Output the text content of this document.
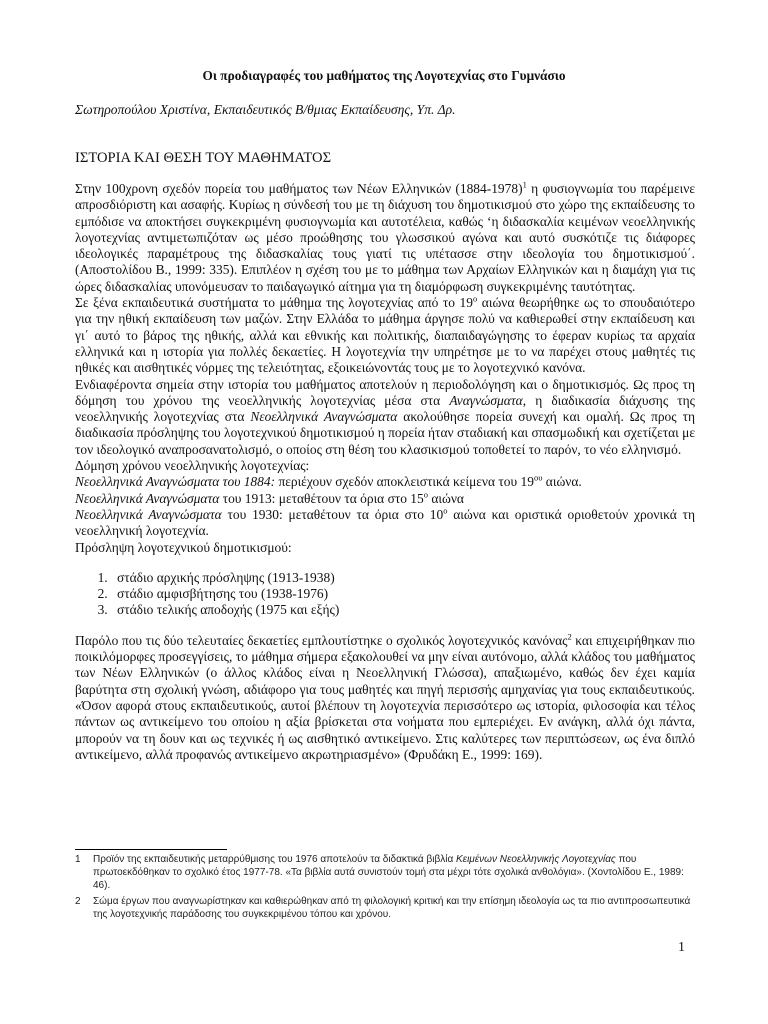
Οι προδιαγραφές του μαθήματος της Λογοτεχνίας στο Γυμνάσιο
Σωτηροπούλου Χριστίνα, Εκπαιδευτικός Β/θμιας Εκπαίδευσης, Υπ. Δρ.
ΙΣΤΟΡΙΑ ΚΑΙ ΘΕΣΗ ΤΟΥ ΜΑΘΗΜΑΤΟΣ

Στην 100χρονη σχεδόν πορεία του μαθήματος των Νέων Ελληνικών (1884-1978)$^1$ η φυσιογνωμία του παρέμεινε απροσδιόριστη και ασαφής. Κυρίως η σύνδεσή του με τη διάχυση του δημοτικισμού στο χώρο της εκπαίδευσης το εμπόδισε να αποκτήσει συγκεκριμένη φυσιογνωμία και αυτοτέλεια, καθώς ‘η διδασκαλία κειμένων νεοελληνικής λογοτεχνίας αντιμετωπιζόταν ως μέσο προώθησης του γλωσσικού αγώνα και αυτό συσκότιζε τις διάφορες ιδεολογικές παραμέτρους της διδασκαλίας τους γιατί τις υπέτασσε στην ιδεολογία του δημοτικισμού΄. (Αποστολίδου Β., 1999: 335). Επιπλέον η σχέση του με το μάθημα των Αρχαίων Ελληνικών και η διαμάχη για τις ώρες διδασκαλίας υπονόμευσαν το παιδαγωγικό αίτημα για τη διαμόρφωση συγκεκριμένης ταυτότητας.

Σε ξένα εκπαιδευτικά συστήματα το μάθημα της λογοτεχνίας από το $19^o$ αιώνα θεωρήθηκε ως το σπουδαιότερο για την ηθική εκπαίδευση των μαζών. Στην Ελλάδα το μάθημα άργησε πολύ να καθιερωθεί στην εκπαίδευση και γι΄ αυτό το βάρος της ηθικής, αλλά και εθνικής και πολιτικής, διαπαιδαγώγησης το έφεραν κυρίως τα αρχαία ελληνικά και η ιστορία για πολλές δεκαετίες. Η λογοτεχνία την υπηρέτησε με το να παρέχει στους μαθητές τις ηθικές και αισθητικές νόρμες της τελειότητας, εξοικειώνοντάς τους με το λογοτεχνικό κανόνα.

Ενδιαφέροντα σημεία στην ιστορία του μαθήματος αποτελούν η περιοδολόγηση και ο δημοτικισμός. Ως προς τη δόμηση του χρόνου της νεοελληνικής λογοτεχνίας μέσα στα Αναγνώσματα, η διαδικασία διάχυσης της νεοελληνικής λογοτεχνίας στα Νεοελληνικά Αναγνώσματα ακολούθησε πορεία συνεχή και ομαλή. Ως προς τη διαδικασία πρόσληψης του λογοτεχνικού δημοτικισμού η πορεία ήταν σταδιακή και σπασμωδική και σχετίζεται με τον ιδεολογικό αναπροσανατολισμό, ο οποίος στη θέση του κλασικισμού τοποθετεί το παρόν, το νέο ελληνισμό.

Δόμηση χρόνου νεοελληνικής λογοτεχνίας:

Νεοελληνικά Αναγνώσματα του 1884: περιέχουν σχεδόν αποκλειστικά κείμενα του $19^{o\upsilon}$ αιώνα.

Νεοελληνικά Αναγνώσματα του 1913: μεταθέτουν τα όρια στο $15^o$ αιώνα

Νεοελληνικά Αναγνώσματα του 1930: μεταθέτουν τα όρια στο $10^o$ αιώνα και οριστικά οριοθετούν χρονικά τη νεοελληνική λογοτεχνία.

Πρόσληψη λογοτεχνικού δημοτικισμού:

1. στάδιο αρχικής πρόσληψης (1913-1938)
2. στάδιο αμφισβήτησης του (1938-1976)
3. στάδιο τελικής αποδοχής (1975 και εξής)

Παρόλο που τις δύο τελευταίες δεκαετίες εμπλουτίστηκε ο σχολικός λογοτεχνικός κανόνας$^2$ και επιχειρήθηκαν πιο ποικιλόμορφες προσεγγίσεις, το μάθημα σήμερα εξακολουθεί να μην είναι αυτόνομο, αλλά κλάδος του μαθήματος των Νέων Ελληνικών (ο άλλος κλάδος είναι η Νεοελληνική Γλώσσα), απαξιωμένο, καθώς δεν έχει καμία βαρύτητα στη σχολική γνώση, αδιάφορο για τους μαθητές και πηγή περισσής αμηχανίας για τους εκπαιδευτικούς. «Όσον αφορά στους εκπαιδευτικούς, αυτοί βλέπουν τη λογοτεχνία περισσότερο ως ιστορία, φιλοσοφία και τέλος πάντων ως αντικείμενο του οποίου η αξία βρίσκεται στα νοήματα που εμπεριέχει. Εν ανάγκη, αλλά όχι πάντα, μπορούν να τη δουν και ως τεχνικές ή ως αισθητικό αντικείμενο. Στις καλύτερες των περιπτώσεων, ως ένα διπλό αντικείμενο, αλλά προφανώς αντικείμενο ακρωτηριασμένο» (Φρυδάκη Ε., 1999: 169).

1 Προϊόν της εκπαιδευτικής μεταρρύθμισης του 1976 αποτελούν τα διδακτικά βιβλία Κειμένων Νεοελληνικής Λογοτεχνίας που πρωτοεκδόθηκαν το σχολικό έτος 1977-78. «Τα βιβλία αυτά συνιστούν τομή στα μέχρι τότε σχολικά ανθολόγια». (Χοντολίδου Ε., 1989: 46).
2 Σώμα έργων που αναγνωρίστηκαν και καθιερώθηκαν από τη φιλολογική κριτική και την επίσημη ιδεολογία ως τα πιο αντιπροσωπευτικά της λογοτεχνικής παράδοσης του συγκεκριμένου τόπου και χρόνου.
1
